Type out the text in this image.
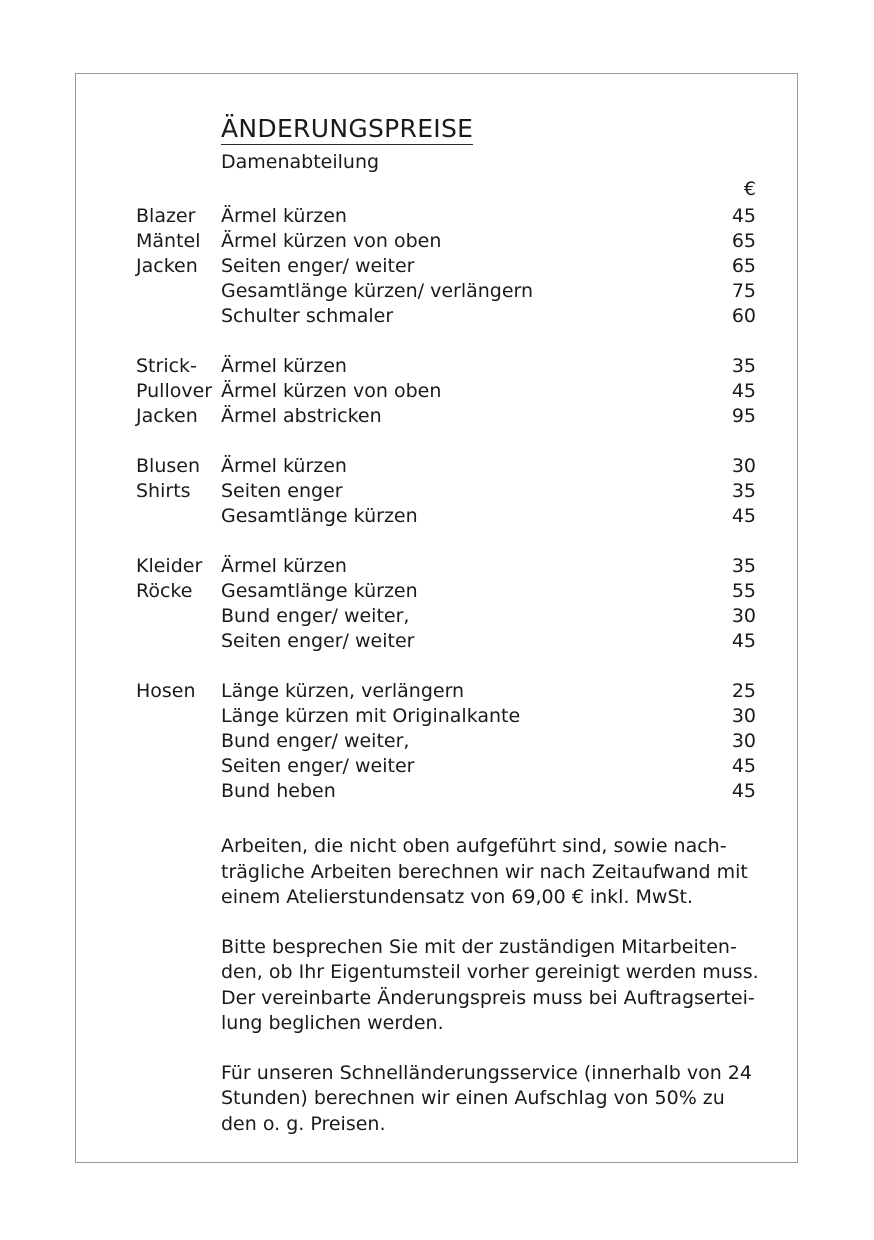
ÄNDERUNGSPREISE
Damenabteilung
		€
Blazer	Ärmel kürzen	45
Mäntel	Ärmel kürzen von oben	65
Jacken	Seiten enger/ weiter	65
	Gesamtlänge kürzen/ verlängern	75
	Schulter schmaler	60

Strick-	Ärmel kürzen	35
Pullover	Ärmel kürzen von oben	45
Jacken	Ärmel abstricken	95

Blusen	Ärmel kürzen	30
Shirts	Seiten enger	35
	Gesamtlänge kürzen	45

Kleider	Ärmel kürzen	35
Röcke	Gesamtlänge kürzen	55
	Bund enger/ weiter,	30
	Seiten enger/ weiter	45

Hosen	Länge kürzen, verlängern	25
	Länge kürzen mit Originalkante	30
	Bund enger/ weiter,	30
	Seiten enger/ weiter	45
	Bund heben	45
Arbeiten, die nicht oben aufgeführt sind, sowie nach-
trägliche Arbeiten berechnen wir nach Zeitaufwand mit
einem Atelierstundensatz von 69,00 € inkl. MwSt.
Bitte besprechen Sie mit der zuständigen Mitarbeiten-
den, ob Ihr Eigentumsteil vorher gereinigt werden muss.
Der vereinbarte Änderungspreis muss bei Auftragsertei-
lung beglichen werden.
Für unseren Schnelländerungsservice (innerhalb von 24
Stunden) berechnen wir einen Aufschlag von 50% zu
den o. g. Preisen.
